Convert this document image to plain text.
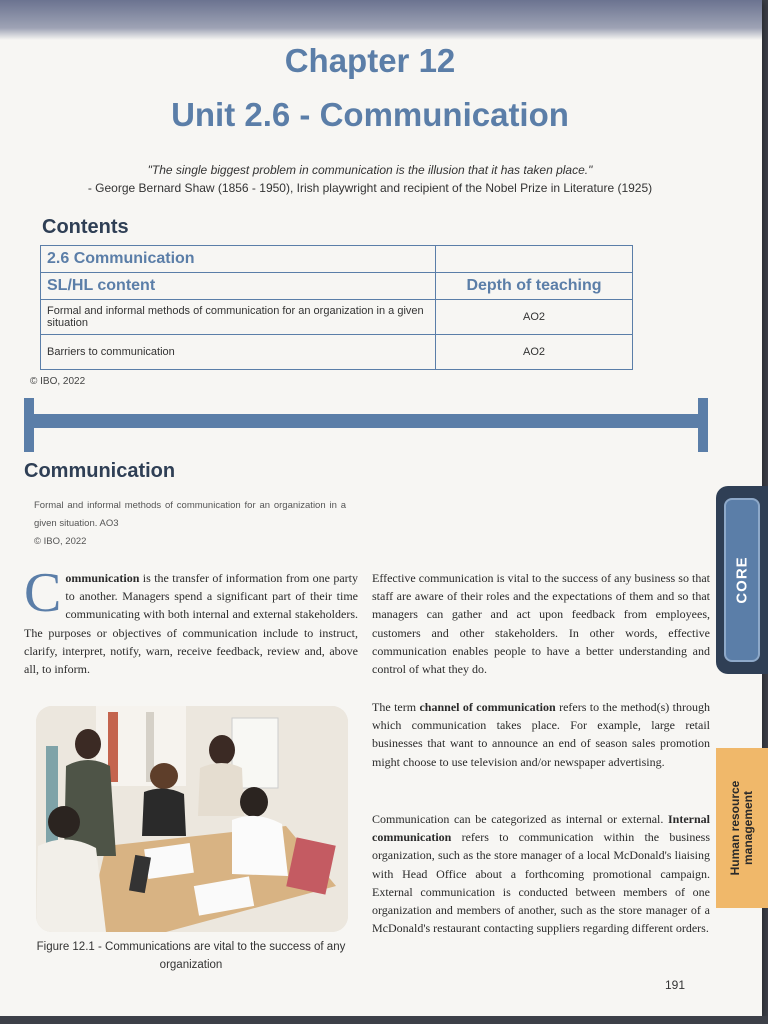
Chapter 12
Unit 2.6 - Communication
"The single biggest problem in communication is the illusion that it has taken place."
- George Bernard Shaw (1856 - 1950), Irish playwright and recipient of the Nobel Prize in Literature (1925)
Contents
2.6 Communication	
SL/HL content	Depth of teaching
Formal and informal methods of communication for an organization in a given situation	AO2
Barriers to communication	AO2
© IBO, 2022
Communication
Formal and informal methods of communication for an organization in a given situation. AO3
© IBO, 2022
Communication is the transfer of information from one party to another. Managers spend a significant part of their time communicating with both internal and external stakeholders. The purposes or objectives of communication include to instruct, clarify, interpret, notify, warn, receive feedback, review and, above all, to inform.
Effective communication is vital to the success of any business so that staff are aware of their roles and the expectations of them and so that managers can gather and act upon feedback from employees, customers and other stakeholders. In other words, effective communication enables people to have a better understanding and control of what they do.
The term channel of communication refers to the method(s) through which communication takes place. For example, large retail businesses that want to announce an end of season sales promotion might choose to use television and/or newspaper advertising.
Communication can be categorized as internal or external. Internal communication refers to communication within the business organization, such as the store manager of a local McDonald's liaising with Head Office about a forthcoming promotional campaign. External communication is conducted between members of one organization and members of another, such as the store manager of a McDonald's restaurant contacting suppliers regarding different orders.
Figure 12.1 - Communications are vital to the success of any organization
191
CORE
Human resource management
